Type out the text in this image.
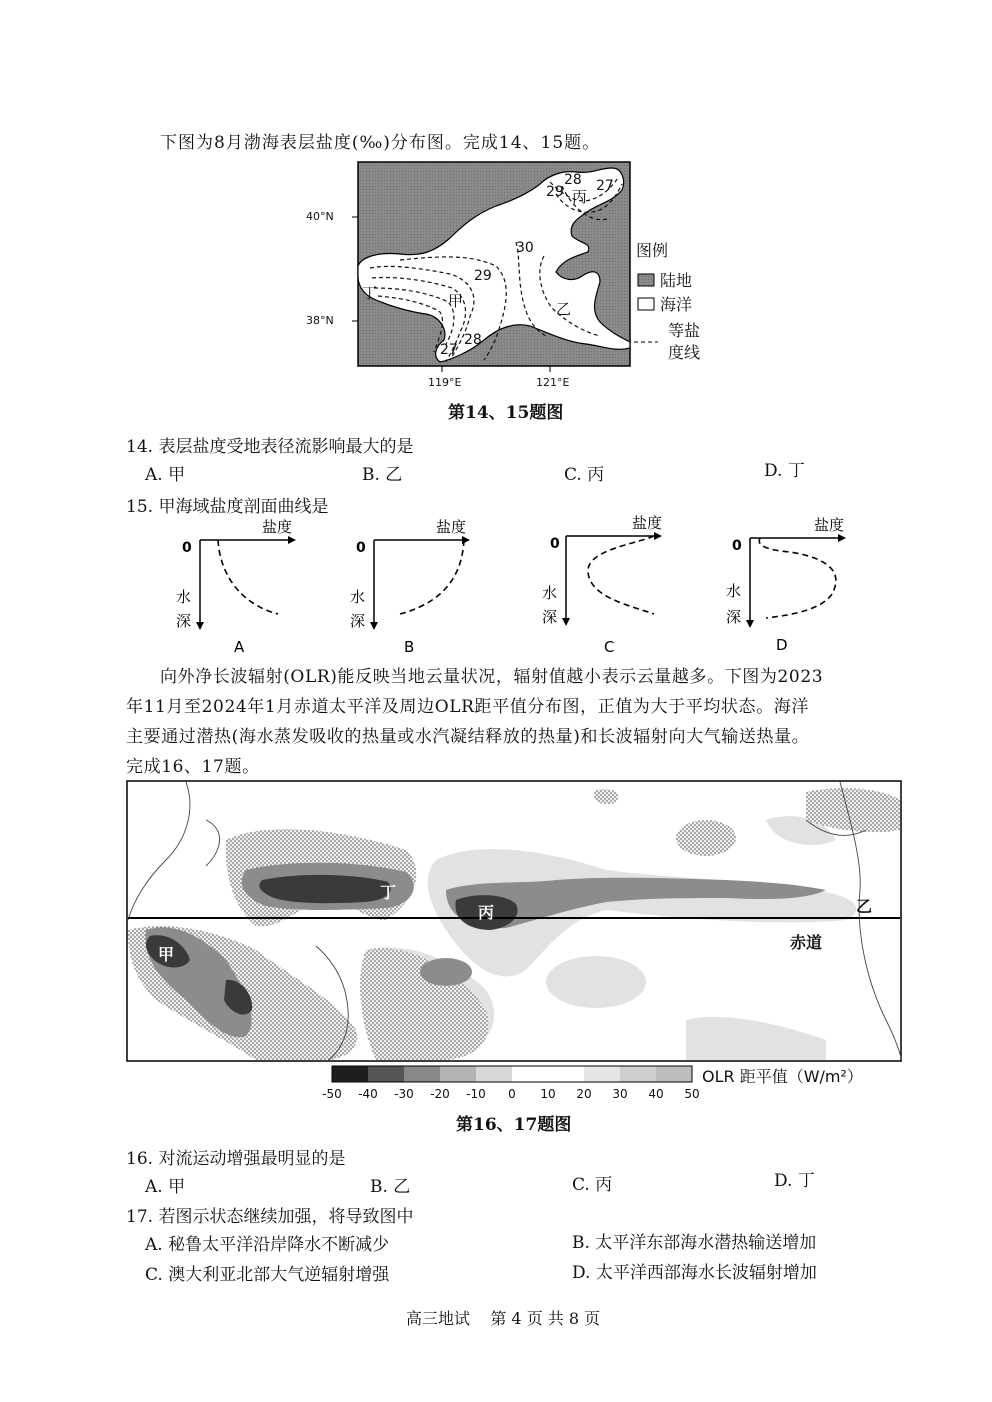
下图为8月渤海表层盐度(‰)分布图。完成14、15题。
28 27
29 丙
30
29
丁	甲	乙
28
27
40°N
38°N
119°E	121°E
图例
陆地
海洋
等盐
度线
第14、15题图
14. 表层盐度受地表径流影响最大的是
A. 甲	B. 乙	C. 丙	D. 丁
15. 甲海域盐度剖面曲线是
盐度
0
水
深
A
盐度
0
水
深
B
盐度
0
水
深
C
盐度
0
水
深
D
向外净长波辐射(OLR)能反映当地云量状况，辐射值越小表示云量越多。下图为2023
年11月至2024年1月赤道太平洋及周边OLR距平值分布图，正值为大于平均状态。海洋
主要通过潜热(海水蒸发吸收的热量或水汽凝结释放的热量)和长波辐射向大气输送热量。
完成16、17题。
甲
乙
丙
丁
赤道
-50 -40 -30 -20 -10 0 10 20 30 40 50
OLR 距平值（W/m²）
第16、17题图
16. 对流运动增强最明显的是
A. 甲	B. 乙	C. 丙	D. 丁
17. 若图示状态继续加强，将导致图中
A. 秘鲁太平洋沿岸降水不断减少	B. 太平洋东部海水潜热输送增加
C. 澳大利亚北部大气逆辐射增强	D. 太平洋西部海水长波辐射增加
高三地试    第 4 页 共 8 页
